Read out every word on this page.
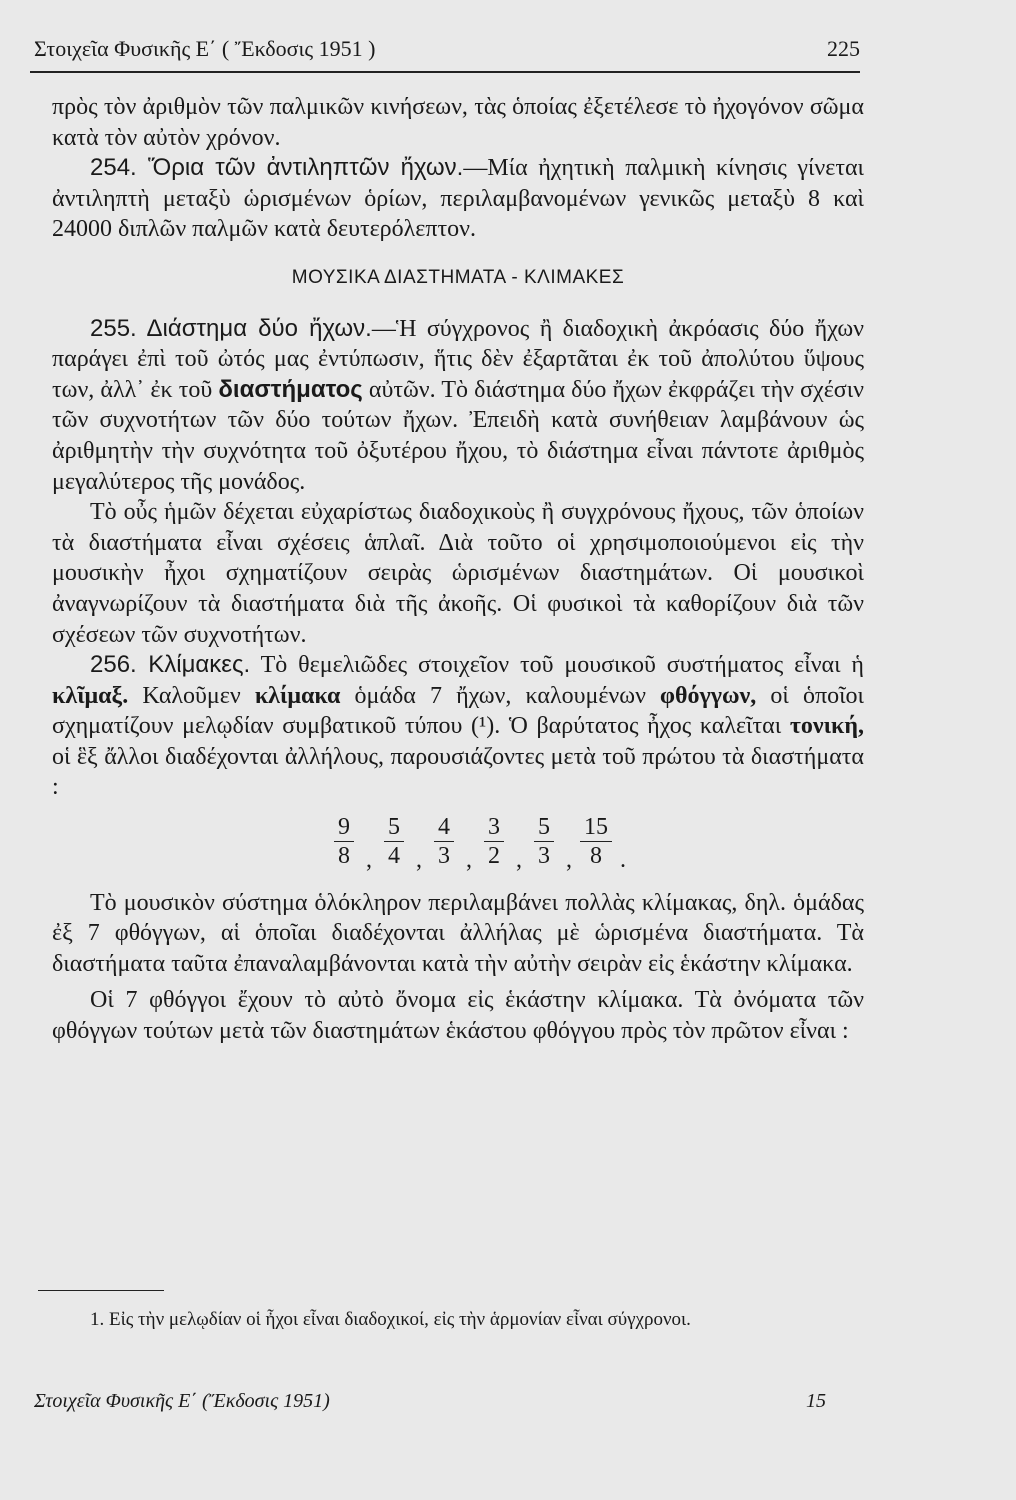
Στοιχεῖα Φυσικῆς Ε΄ ( Ἔκδοσις 1951 )	225

πρὸς τὸν ἀριθμὸν τῶν παλμικῶν κινήσεων, τὰς ὁποίας ἐξετέλεσε τὸ ἠχογόνον σῶμα κατὰ τὸν αὐτὸν χρόνον.

254. Ὅρια τῶν ἀντιληπτῶν ἤχων.—Μία ἠχητικὴ παλμικὴ κίνησις γίνεται ἀντιληπτὴ μεταξὺ ὡρισμένων ὁρίων, περιλαμβανομένων γενικῶς μεταξὺ 8 καὶ 24000 διπλῶν παλμῶν κατὰ δευτερόλεπτον.

ΜΟΥΣΙΚΑ ΔΙΑΣΤΗΜΑΤΑ - ΚΛΙΜΑΚΕΣ

255. Διάστημα δύο ἤχων.—Ἡ σύγχρονος ἢ διαδοχικὴ ἀκρόασις δύο ἤχων παράγει ἐπὶ τοῦ ὠτός μας ἐντύπωσιν, ἥτις δὲν ἐξαρτᾶται ἐκ τοῦ ἀπολύτου ὕψους των, ἀλλ᾽ ἐκ τοῦ διαστήματος αὐτῶν. Τὸ διάστημα δύο ἤχων ἐκφράζει τὴν σχέσιν τῶν συχνοτήτων τῶν δύο τούτων ἤχων. Ἐπειδὴ κατὰ συνήθειαν λαμβάνουν ὡς ἀριθμητὴν τὴν συχνότητα τοῦ ὀξυτέρου ἤχου, τὸ διάστημα εἶναι πάντοτε ἀριθμὸς μεγαλύτερος τῆς μονάδος.

Τὸ οὖς ἡμῶν δέχεται εὐχαρίστως διαδοχικοὺς ἢ συγχρόνους ἤχους, τῶν ὁποίων τὰ διαστήματα εἶναι σχέσεις ἁπλαῖ. Διὰ τοῦτο οἱ χρησιμοποιούμενοι εἰς τὴν μουσικὴν ἦχοι σχηματίζουν σειρὰς ὡρισμένων διαστημάτων. Οἱ μουσικοὶ ἀναγνωρίζουν τὰ διαστήματα διὰ τῆς ἀκοῆς. Οἱ φυσικοὶ τὰ καθορίζουν διὰ τῶν σχέσεων τῶν συχνοτήτων.

256. Κλίμακες. Τὸ θεμελιῶδες στοιχεῖον τοῦ μουσικοῦ συστήματος εἶναι ἡ κλῖμαξ. Καλοῦμεν κλίμακα ὁμάδα 7 ἤχων, καλουμένων φθόγγων, οἱ ὁποῖοι σχηματίζουν μελῳδίαν συμβατικοῦ τύπου (¹). Ὁ βαρύτατος ἦχος καλεῖται τονική, οἱ ἓξ ἄλλοι διαδέχονται ἀλλήλους, παρουσιάζοντες μετὰ τοῦ πρώτου τὰ διαστήματα :

$\frac{9}{8}$ , $\frac{5}{4}$ , $\frac{4}{3}$ , $\frac{3}{2}$ , $\frac{5}{3}$ , $\frac{15}{8}$ .

Τὸ μουσικὸν σύστημα ὁλόκληρον περιλαμβάνει πολλὰς κλίμακας, δηλ. ὁμάδας ἐξ 7 φθόγγων, αἱ ὁποῖαι διαδέχονται ἀλλήλας μὲ ὡρισμένα διαστήματα. Τὰ διαστήματα ταῦτα ἐπαναλαμβάνονται κατὰ τὴν αὐτὴν σειρὰν εἰς ἑκάστην κλίμακα.

Οἱ 7 φθόγγοι ἔχουν τὸ αὐτὸ ὄνομα εἰς ἑκάστην κλίμακα. Τὰ ὀνόματα τῶν φθόγγων τούτων μετὰ τῶν διαστημάτων ἑκάστου φθόγγου πρὸς τὸν πρῶτον εἶναι :

1. Εἰς τὴν μελῳδίαν οἱ ἦχοι εἶναι διαδοχικοί, εἰς τὴν ἁρμονίαν εἶναι σύγχρονοι.

Στοιχεῖα Φυσικῆς Ε΄ (Ἔκδοσις 1951)	15
